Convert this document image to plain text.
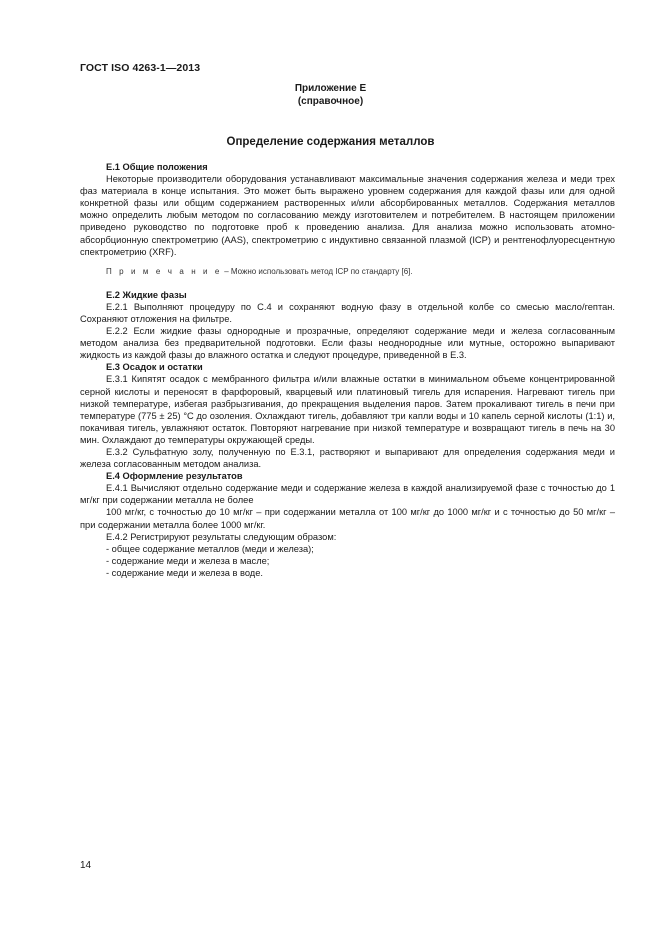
ГОСТ ISO 4263-1—2013
Приложение Е
(справочное)
Определение содержания металлов
Е.1 Общие положения

Некоторые производители оборудования устанавливают максимальные значения содержания железа и меди трех фаз материала в конце испытания. Это может быть выражено уровнем содержания для каждой фазы или для одной конкретной фазы или общим содержанием растворенных и/или абсорбированных металлов. Содержания металлов можно определить любым методом по согласованию между изготовителем и потребителем. В настоящем приложении приведено руководство по подготовке проб к проведению анализа. Для анализа можно использовать атомно-абсорбционную спектрометрию (AAS), спектрометрию с индуктивно связанной плазмой (ICP) и рентгенофлуоресцентную спектрометрию (XRF).

П р и м е ч а н и е – Можно использовать метод ICP по стандарту [6].
Е.2 Жидкие фазы

Е.2.1 Выполняют процедуру по С.4 и сохраняют водную фазу в отдельной колбе со смесью масло/гептан. Сохраняют отложения на фильтре.

Е.2.2 Если жидкие фазы однородные и прозрачные, определяют содержание меди и железа согласованным методом анализа без предварительной подготовки. Если фазы неоднородные или мутные, осторожно выпаривают жидкость из каждой фазы до влажного остатка и следуют процедуре, приведенной в Е.3.

Е.3 Осадок и остатки

Е.3.1 Кипятят осадок с мембранного фильтра и/или влажные остатки в минимальном объеме концентрированной серной кислоты и переносят в фарфоровый, кварцевый или платиновый тигель для испарения. Нагревают тигель при низкой температуре, избегая разбрызгивания, до прекращения выделения паров. Затем прокаливают тигель в печи при температуре (775 ± 25) °С до озоления. Охлаждают тигель, добавляют три капли воды и 10 капель серной кислоты (1:1) и, покачивая тигель, увлажняют остаток. Повторяют нагревание при низкой температуре и возвращают тигель в печь на 30 мин. Охлаждают до температуры окружающей среды.

Е.3.2 Сульфатную золу, полученную по Е.3.1, растворяют и выпаривают для определения содержания меди и железа согласованным методом анализа.

Е.4 Оформление результатов

Е.4.1 Вычисляют отдельно содержание меди и содержание железа в каждой анализируемой фазе с точностью до 1 мг/кг при содержании металла не более

100 мг/кг, с точностью до 10 мг/кг – при содержании металла от 100 мг/кг до 1000 мг/кг и с точностью до 50 мг/кг – при содержании металла более 1000 мг/кг.

Е.4.2 Регистрируют результаты следующим образом:

- общее содержание металлов (меди и железа);
- содержание меди и железа в масле;
- содержание меди и железа в воде.
14
